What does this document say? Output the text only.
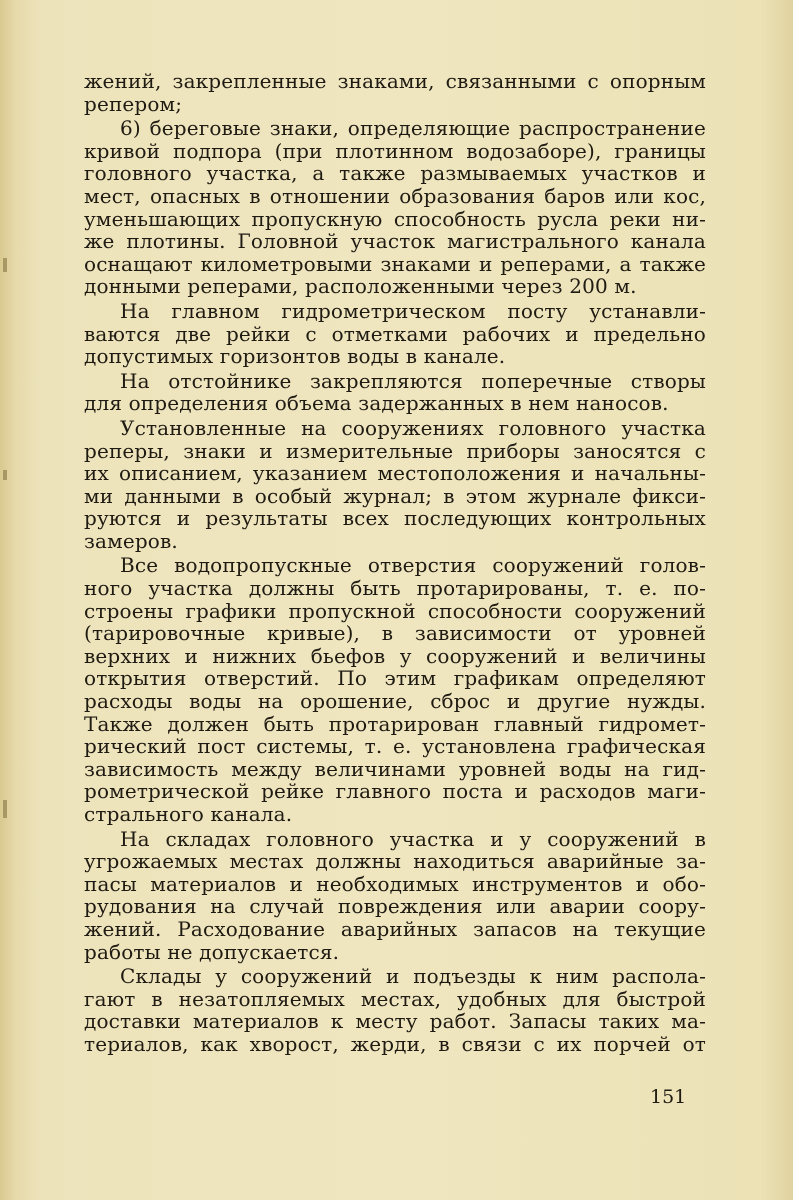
жений, закрепленные знаками, связанными с опорным
репером;
6) береговые знаки, определяющие распространение
кривой подпора (при плотинном водозаборе), границы
головного участка, а также размываемых участков и
мест, опасных в отношении образования баров или кос,
уменьшающих пропускную способность русла реки ни-
же плотины. Головной участок магистрального канала
оснащают километровыми знаками и реперами, а также
донными реперами, расположенными через 200 м.
На главном гидрометрическом посту устанавли-
ваются две рейки с отметками рабочих и предельно
допустимых горизонтов воды в канале.
На отстойнике закрепляются поперечные створы
для определения объема задержанных в нем наносов.
Установленные на сооружениях головного участка
реперы, знаки и измерительные приборы заносятся с
их описанием, указанием местоположения и начальны-
ми данными в особый журнал; в этом журнале фикси-
руются и результаты всех последующих контрольных
замеров.
Все водопропускные отверстия сооружений голов-
ного участка должны быть протарированы, т. е. по-
строены графики пропускной способности сооружений
(тарировочные кривые), в зависимости от уровней
верхних и нижних бьефов у сооружений и величины
открытия отверстий. По этим графикам определяют
расходы воды на орошение, сброс и другие нужды.
Также должен быть протарирован главный гидромет-
рический пост системы, т. е. установлена графическая
зависимость между величинами уровней воды на гид-
рометрической рейке главного поста и расходов маги-
стрального канала.
На складах головного участка и у сооружений в
угрожаемых местах должны находиться аварийные за-
пасы материалов и необходимых инструментов и обо-
рудования на случай повреждения или аварии соору-
жений. Расходование аварийных запасов на текущие
работы не допускается.
Склады у сооружений и подъезды к ним распола-
гают в незатопляемых местах, удобных для быстрой
доставки материалов к месту работ. Запасы таких ма-
териалов, как хворост, жерди, в связи с их порчей от
151
